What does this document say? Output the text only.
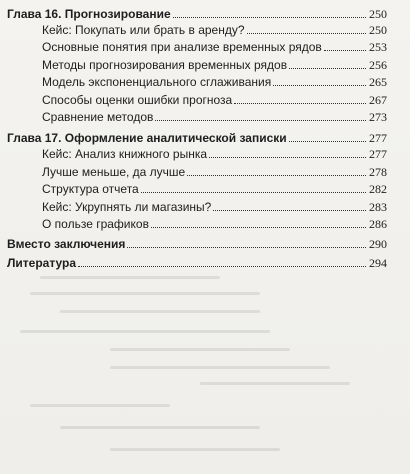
Глава 16. Прогнозирование	250
Кейс: Покупать или брать в аренду?	250
Основные понятия при анализе временных рядов	253
Методы прогнозирования временных рядов	256
Модель экспоненциального сглаживания	265
Способы оценки ошибки прогноза	267
Сравнение методов	273
Глава 17. Оформление аналитической записки	277
Кейс: Анализ книжного рынка	277
Лучше меньше, да лучше	278
Структура отчета	282
Кейс: Укрупнять ли магазины?	283
О пользе графиков	286
Вместо заключения	290
Литература	294
